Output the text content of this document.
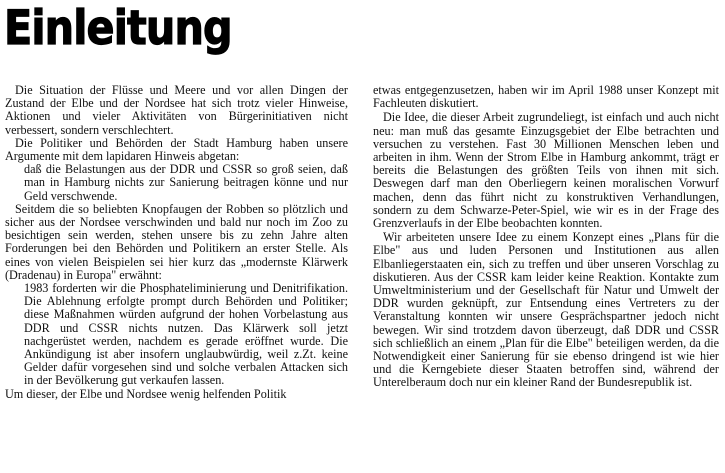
Einleitung

Die Situation der Flüsse und Meere und vor allen Dingen der Zustand der Elbe und der Nordsee hat sich trotz vieler Hinweise, Aktionen und vieler Aktivitäten von Bürgerinitiativen nicht verbessert, sondern verschlechtert.

Die Politiker und Behörden der Stadt Hamburg haben unsere Argumente mit dem lapidaren Hinweis abgetan:

daß die Belastungen aus der DDR und CSSR so groß seien, daß man in Hamburg nichts zur Sanierung beitragen könne und nur Geld verschwende.

Seitdem die so beliebten Knopfaugen der Robben so plötzlich und sicher aus der Nordsee verschwinden und bald nur noch im Zoo zu besichtigen sein werden, stehen unsere bis zu zehn Jahre alten Forderungen bei den Behörden und Politikern an erster Stelle. Als eines von vielen Beispielen sei hier kurz das „modernste Klärwerk (Dradenau) in Europa" erwähnt:

1983 forderten wir die Phosphateliminierung und Denitrifikation. Die Ablehnung erfolgte prompt durch Behörden und Politiker; diese Maßnahmen würden aufgrund der hohen Vorbelastung aus DDR und CSSR nichts nutzen. Das Klärwerk soll jetzt nachgerüstet werden, nachdem es gerade eröffnet wurde. Die Ankündigung ist aber insofern unglaubwürdig, weil z.Zt. keine Gelder dafür vorgesehen sind und solche verbalen Attacken sich in der Bevölkerung gut verkaufen lassen.

Um dieser, der Elbe und Nordsee wenig helfenden Politik

etwas entgegenzusetzen, haben wir im April 1988 unser Konzept mit Fachleuten diskutiert.

Die Idee, die dieser Arbeit zugrundeliegt, ist einfach und auch nicht neu: man muß das gesamte Einzugsgebiet der Elbe betrachten und versuchen zu verstehen. Fast 30 Millionen Menschen leben und arbeiten in ihm. Wenn der Strom Elbe in Hamburg ankommt, trägt er bereits die Belastungen des größten Teils von ihnen mit sich. Deswegen darf man den Oberliegern keinen moralischen Vorwurf machen, denn das führt nicht zu konstruktiven Verhandlungen, sondern zu dem Schwarze-Peter-Spiel, wie wir es in der Frage des Grenzverlaufs in der Elbe beobachten konnten.

Wir arbeiteten unsere Idee zu einem Konzept eines „Plans für die Elbe" aus und luden Personen und Institutionen aus allen Elbanliegerstaaten ein, sich zu treffen und über unseren Vorschlag zu diskutieren. Aus der CSSR kam leider keine Reaktion. Kontakte zum Umweltministerium und der Gesellschaft für Natur und Umwelt der DDR wurden geknüpft, zur Entsendung eines Vertreters zu der Veranstaltung konnten wir unsere Gesprächspartner jedoch nicht bewegen. Wir sind trotzdem davon überzeugt, daß DDR und CSSR sich schließlich an einem „Plan für die Elbe" beteiligen werden, da die Notwendigkeit einer Sanierung für sie ebenso dringend ist wie hier und die Kerngebiete dieser Staaten betroffen sind, während der Unterelberaum doch nur ein kleiner Rand der Bundesrepublik ist.
